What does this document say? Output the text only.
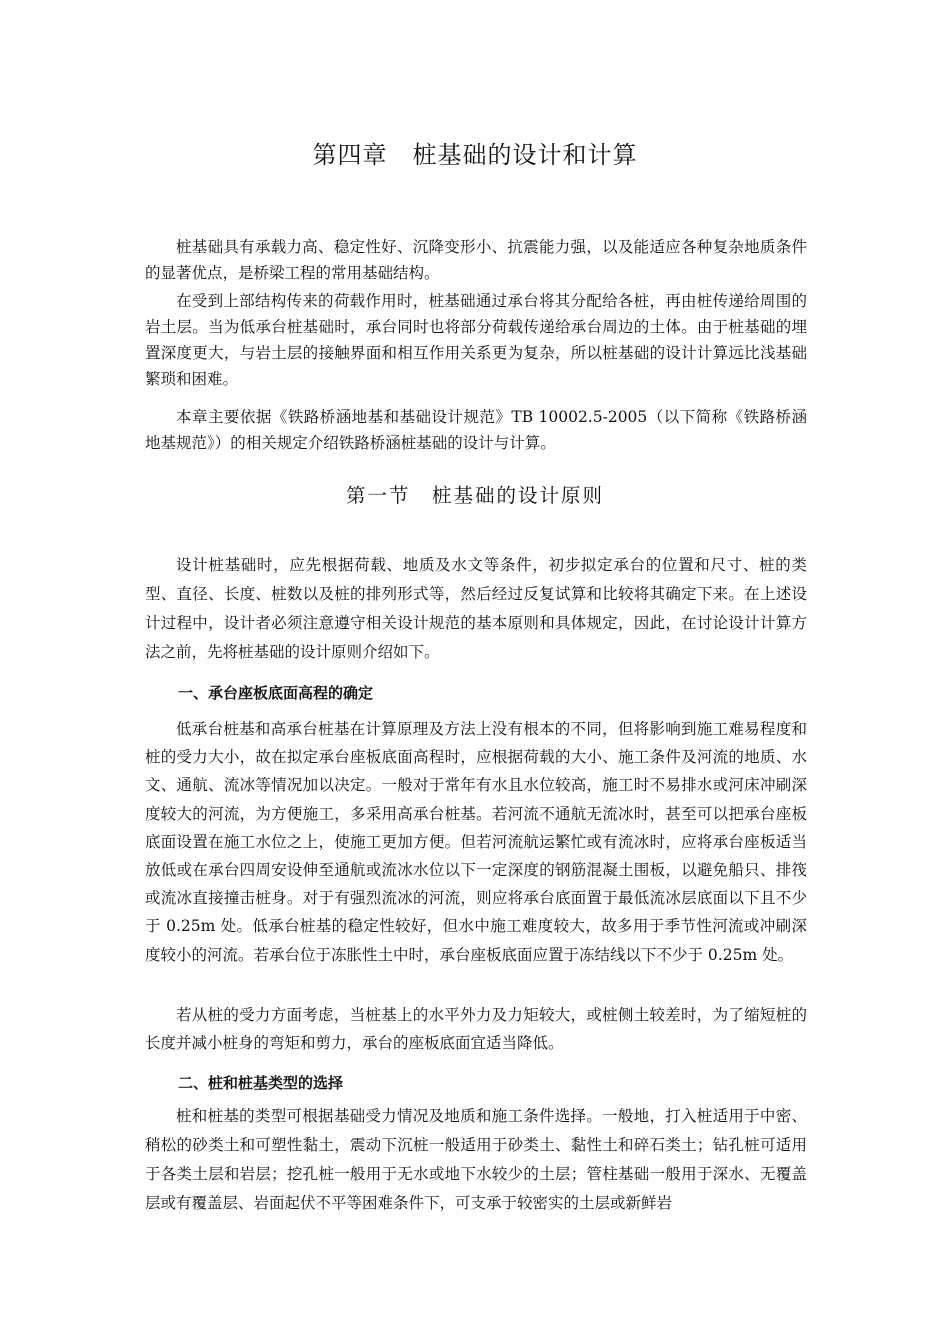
第四章　桩基础的设计和计算

桩基础具有承载力高、稳定性好、沉降变形小、抗震能力强，以及能适应各种复杂地质条件的显著优点，是桥梁工程的常用基础结构。

在受到上部结构传来的荷载作用时，桩基础通过承台将其分配给各桩，再由桩传递给周围的岩土层。当为低承台桩基础时，承台同时也将部分荷载传递给承台周边的土体。由于桩基础的埋置深度更大，与岩土层的接触界面和相互作用关系更为复杂，所以桩基础的设计计算远比浅基础繁琐和困难。

本章主要依据《铁路桥涵地基和基础设计规范》TB 10002.5-2005（以下简称《铁路桥涵地基规范》）的相关规定介绍铁路桥涵桩基础的设计与计算。

第一节　桩基础的设计原则

设计桩基础时，应先根据荷载、地质及水文等条件，初步拟定承台的位置和尺寸、桩的类型、直径、长度、桩数以及桩的排列形式等，然后经过反复试算和比较将其确定下来。在上述设计过程中，设计者必须注意遵守相关设计规范的基本原则和具体规定，因此，在讨论设计计算方法之前，先将桩基础的设计原则介绍如下。

一、承台座板底面高程的确定

低承台桩基和高承台桩基在计算原理及方法上没有根本的不同，但将影响到施工难易程度和桩的受力大小，故在拟定承台座板底面高程时，应根据荷载的大小、施工条件及河流的地质、水文、通航、流冰等情况加以决定。一般对于常年有水且水位较高，施工时不易排水或河床冲刷深度较大的河流，为方便施工，多采用高承台桩基。若河流不通航无流冰时，甚至可以把承台座板底面设置在施工水位之上，使施工更加方便。但若河流航运繁忙或有流冰时，应将承台座板适当放低或在承台四周安设伸至通航或流冰水位以下一定深度的钢筋混凝土围板，以避免船只、排筏或流冰直接撞击桩身。对于有强烈流冰的河流，则应将承台底面置于最低流冰层底面以下且不少于 0.25m 处。低承台桩基的稳定性较好，但水中施工难度较大，故多用于季节性河流或冲刷深度较小的河流。若承台位于冻胀性土中时，承台座板底面应置于冻结线以下不少于 0.25m 处。

若从桩的受力方面考虑，当桩基上的水平外力及力矩较大，或桩侧土较差时，为了缩短桩的长度并减小桩身的弯矩和剪力，承台的座板底面宜适当降低。

二、桩和桩基类型的选择

桩和桩基的类型可根据基础受力情况及地质和施工条件选择。一般地，打入桩适用于中密、稍松的砂类土和可塑性黏土，震动下沉桩一般适用于砂类土、黏性土和碎石类土；钻孔桩可适用于各类土层和岩层；挖孔桩一般用于无水或地下水较少的土层；管柱基础一般用于深水、无覆盖层或有覆盖层、岩面起伏不平等困难条件下，可支承于较密实的土层或新鲜岩
